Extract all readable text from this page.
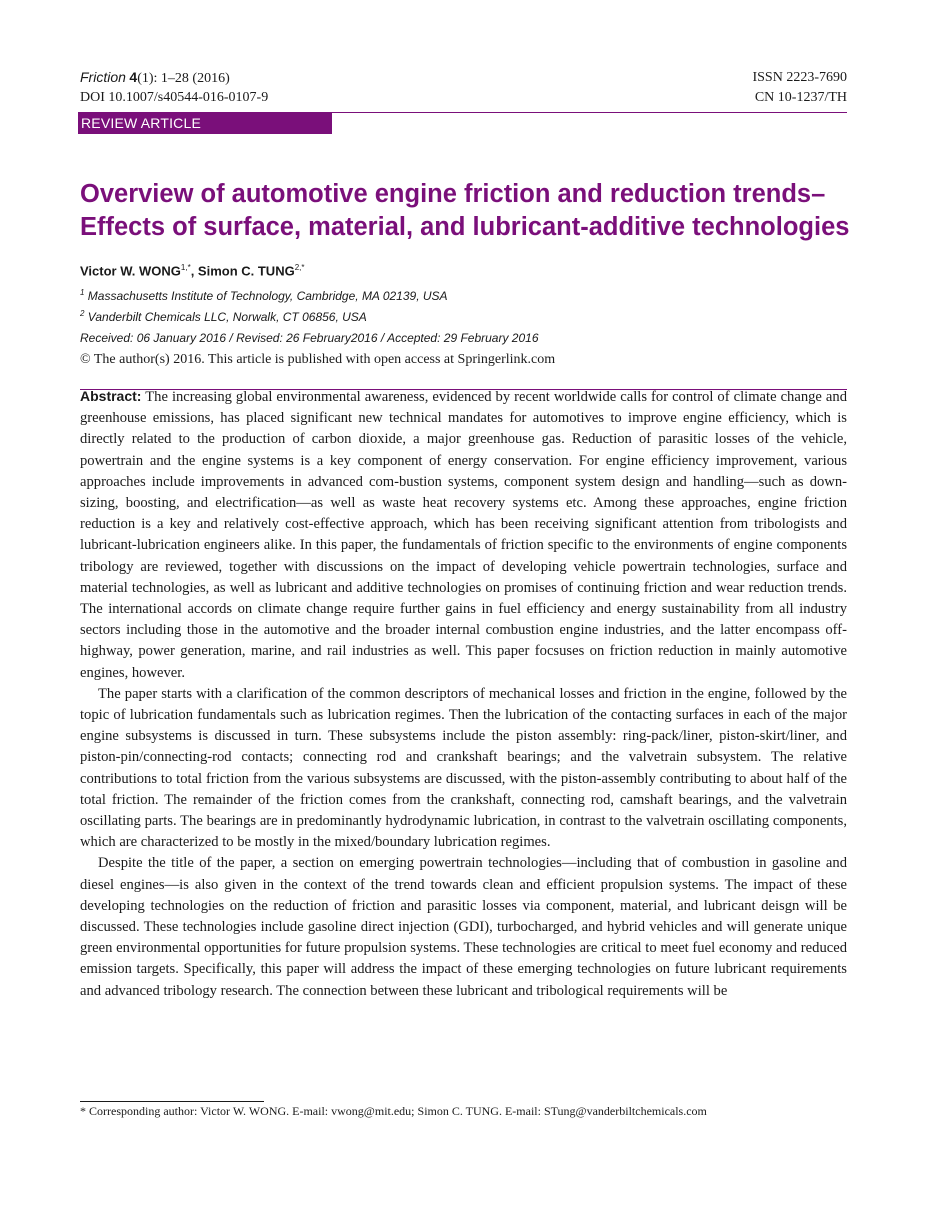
Friction 4(1): 1–28 (2016)	ISSN 2223-7690
DOI 10.1007/s40544-016-0107-9	CN 10-1237/TH
REVIEW ARTICLE
Overview of automotive engine friction and reduction trends–Effects of surface, material, and lubricant-additive technologies
Victor W. $WONG^{1,*}$, Simon C. $TUNG^{2,*}$
$^1$ Massachusetts Institute of Technology, Cambridge, MA 02139, USA
$^2$ Vanderbilt Chemicals LLC, Norwalk, CT 06856, USA
Received: 06 January 2016 / Revised: 26 February2016 / Accepted: 29 February 2016
© The author(s) 2016. This article is published with open access at Springerlink.com

Abstract: The increasing global environmental awareness, evidenced by recent worldwide calls for control of climate change and greenhouse emissions, has placed significant new technical mandates for automotives to improve engine efficiency, which is directly related to the production of carbon dioxide, a major greenhouse gas. Reduction of parasitic losses of the vehicle, powertrain and the engine systems is a key component of energy conservation. For engine efficiency improvement, various approaches include improvements in advanced com-bustion systems, component system design and handling—such as down-sizing, boosting, and electrification—as well as waste heat recovery systems etc. Among these approaches, engine friction reduction is a key and relatively cost-effective approach, which has been receiving significant attention from tribologists and lubricant-lubrication engineers alike. In this paper, the fundamentals of friction specific to the environments of engine components tribology are reviewed, together with discussions on the impact of developing vehicle powertrain technologies, surface and material technologies, as well as lubricant and additive technologies on promises of continuing friction and wear reduction trends. The international accords on climate change require further gains in fuel efficiency and energy sustainability from all industry sectors including those in the automotive and the broader internal combustion engine industries, and the latter encompass off-highway, power generation, marine, and rail industries as well. This paper focsuses on friction reduction in mainly automotive engines, however.

The paper starts with a clarification of the common descriptors of mechanical losses and friction in the engine, followed by the topic of lubrication fundamentals such as lubrication regimes. Then the lubrication of the contacting surfaces in each of the major engine subsystems is discussed in turn. These subsystems include the piston assembly: ring-pack/liner, piston-skirt/liner, and piston-pin/connecting-rod contacts; connecting rod and crankshaft bearings; and the valvetrain subsystem. The relative contributions to total friction from the various subsystems are discussed, with the piston-assembly contributing to about half of the total friction. The remainder of the friction comes from the crankshaft, connecting rod, camshaft bearings, and the valvetrain oscillating parts. The bearings are in predominantly hydrodynamic lubrication, in contrast to the valvetrain oscillating components, which are characterized to be mostly in the mixed/boundary lubrication regimes.

Despite the title of the paper, a section on emerging powertrain technologies—including that of combustion in gasoline and diesel engines—is also given in the context of the trend towards clean and efficient propulsion systems. The impact of these developing technologies on the reduction of friction and parasitic losses via component, material, and lubricant deisgn will be discussed. These technologies include gasoline direct injection (GDI), turbocharged, and hybrid vehicles and will generate unique green environmental opportunities for future propulsion systems. These technologies are critical to meet fuel economy and reduced emission targets. Specifically, this paper will address the impact of these emerging technologies on future lubricant requirements and advanced tribology research. The connection between these lubricant and tribological requirements will be

* Corresponding author: Victor W. WONG. E-mail: vwong@mit.edu; Simon C. TUNG. E-mail: STung@vanderbiltchemicals.com
